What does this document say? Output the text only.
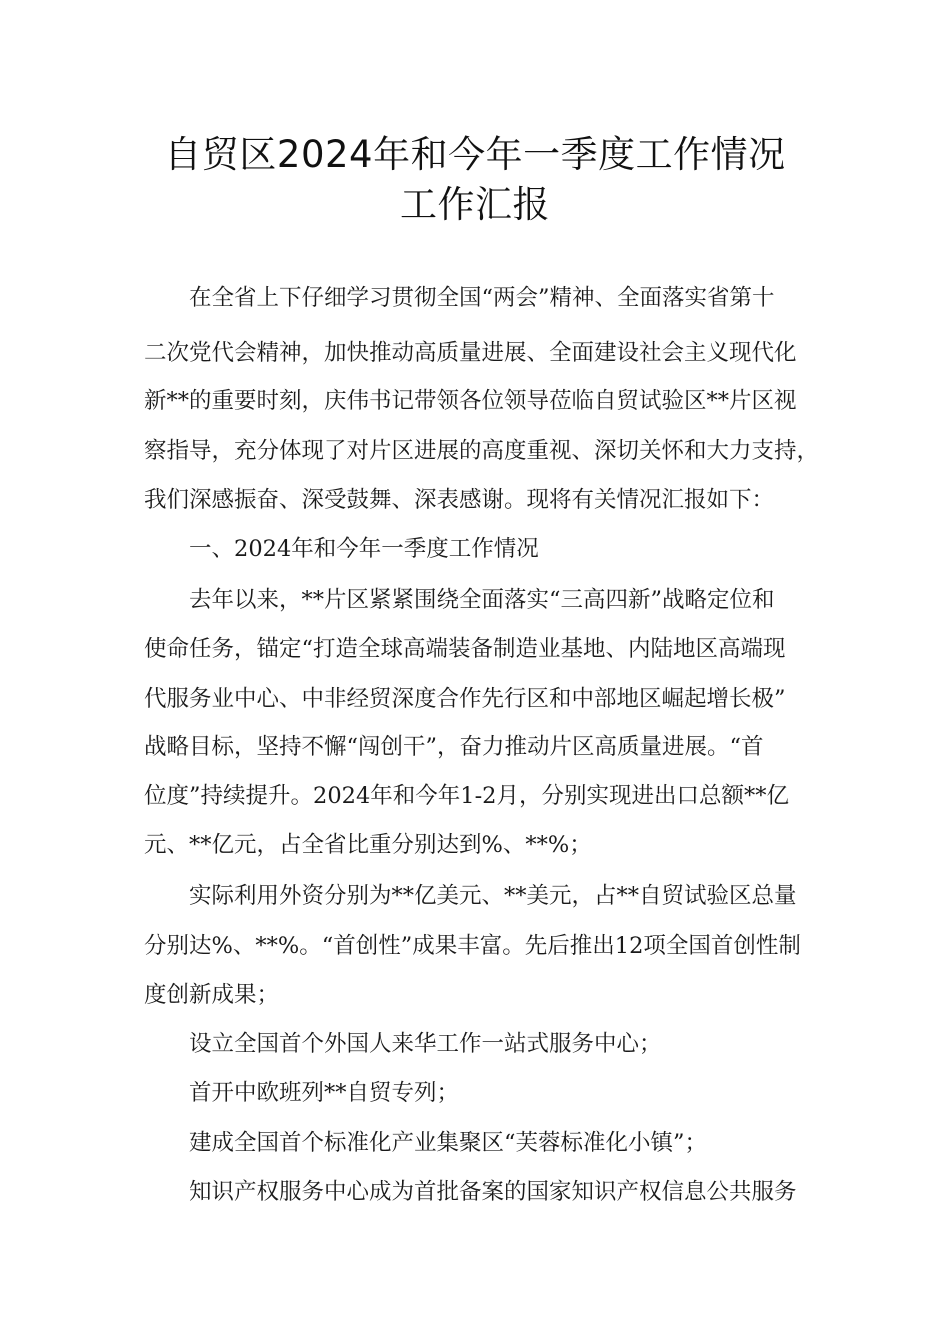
自贸区2024年和今年一季度工作情况
工作汇报
在全省上下仔细学习贯彻全国“两会”精神、全面落实省第十
二次党代会精神，加快推动高质量进展、全面建设社会主义现代化
新**的重要时刻，庆伟书记带领各位领导莅临自贸试验区**片区视
察指导，充分体现了对片区进展的高度重视、深切关怀和大力支持，
我们深感振奋、深受鼓舞、深表感谢。现将有关情况汇报如下：
一、2024年和今年一季度工作情况
去年以来，**片区紧紧围绕全面落实“三高四新”战略定位和
使命任务，锚定“打造全球高端装备制造业基地、内陆地区高端现
代服务业中心、中非经贸深度合作先行区和中部地区崛起增长极”
战略目标，坚持不懈“闯创干”，奋力推动片区高质量进展。“首
位度”持续提升。2024年和今年1-2月，分别实现进出口总额**亿
元、**亿元，占全省比重分别达到%、**%；
实际利用外资分别为**亿美元、**美元，占**自贸试验区总量
分别达%、**%。“首创性”成果丰富。先后推出12项全国首创性制
度创新成果；
设立全国首个外国人来华工作一站式服务中心；
首开中欧班列**自贸专列；
建成全国首个标准化产业集聚区“芙蓉标准化小镇”；
知识产权服务中心成为首批备案的国家知识产权信息公共服务
